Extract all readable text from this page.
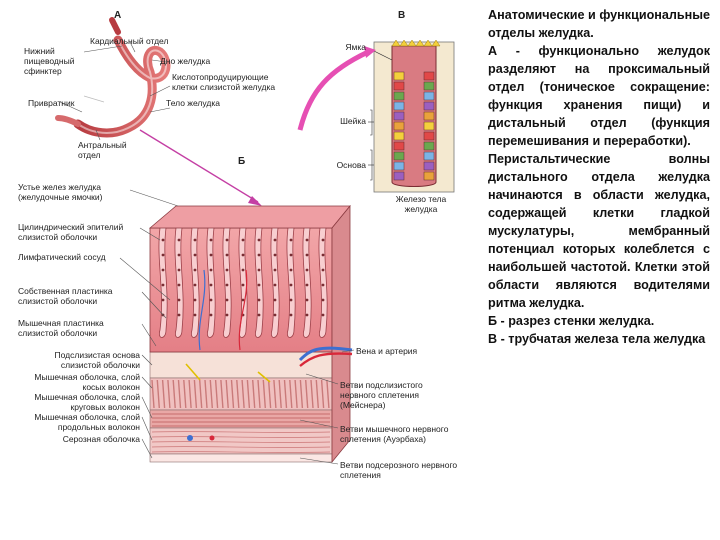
А	В
Б
Кардиальный отдел
Нижний пищеводный сфинктер
Дно желудка
Кислотопродуцирующие клетки слизистой желудка
Привратник	Тело желудка
Антральный отдел
Ямка
Шейка
Основа
Железо тела желудка
Устье желез желудка (желудочные ямочки)
Цилиндрический эпителий слизистой оболочки
Лимфатический сосуд
Собственная пластинка слизистой оболочки
Мышечная пластинка слизистой оболочки
Подслизистая основа слизистой оболочки
Мышечная оболочка, слой косых волокон
Мышечная оболочка, слой круговых волокон
Мышечная оболочка, слой продольных волокон
Серозная оболочка
Вена и артерия
Ветви подслизистого нервного сплетения (Мейснера)
Ветви мышечного нервного сплетения (Ауэрбаха)
Ветви подсерозного нервного сплетения

Анатомические и функциональные отделы желудка.

А - функционально желудок разделяют на проксимальный отдел (тоническое сокращение: функция хранения пищи) и дистальный отдел (функция перемешивания и переработки).

Перистальтические волны дистального отдела желудка начинаются в области желудка, содержащей клетки гладкой мускулатуры, мембранный потенциал которых колеблется с наибольшей частотой. Клетки этой области являются водителями ритма желудка.

Б - разрез стенки желудка.

В - трубчатая железа тела желудка
